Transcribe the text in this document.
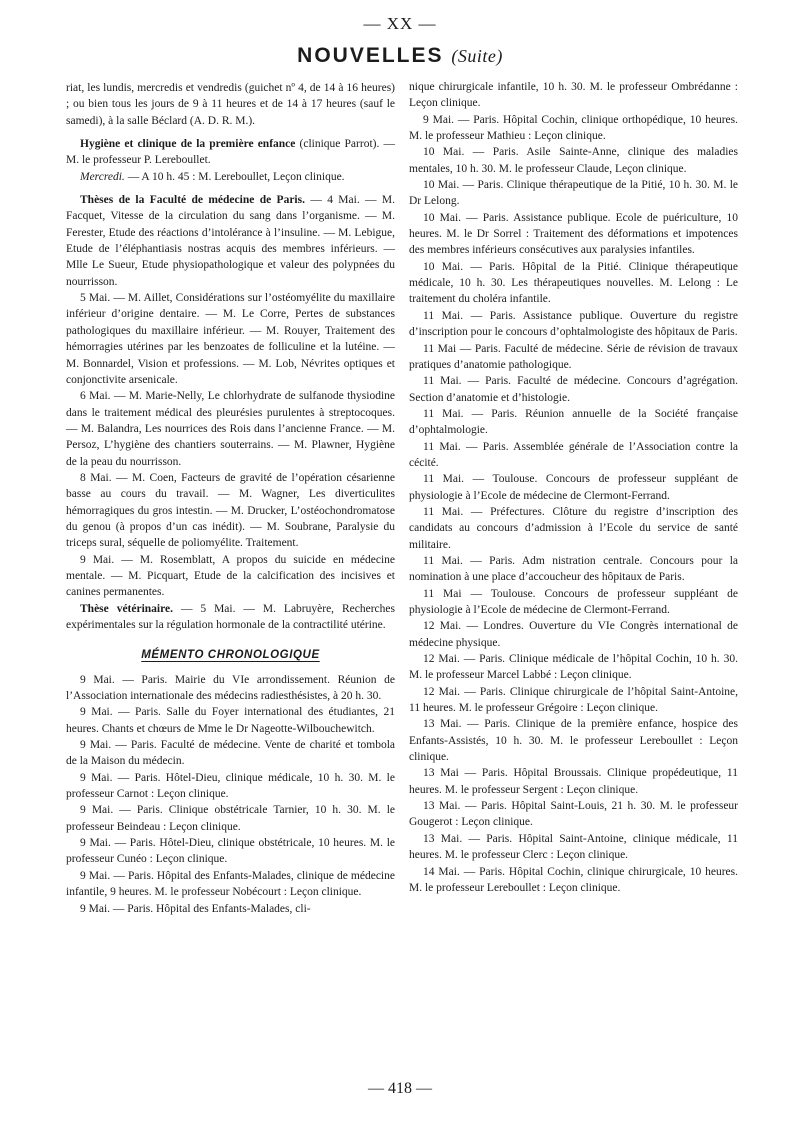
— XX —
NOUVELLES (Suite)

riat, les lundis, mercredis et vendredis (guichet nº 4, de 14 à 16 heures) ; ou bien tous les jours de 9 à 11 heures et de 14 à 17 heures (sauf le samedi), à la salle Béclard (A. D. R. M.).

Hygiène et clinique de la première enfance (clinique Parrot). — M. le professeur P. Lereboullet.

Mercredi. — A 10 h. 45 : M. Lereboullet, Leçon clinique.

Thèses de la Faculté de médecine de Paris. — 4 Mai. — M. Facquet, Vitesse de la circulation du sang dans l’organisme. — M. Ferester, Etude des réactions d’intolérance à l’insuline. — M. Lebigue, Etude de l’éléphantiasis nostras acquis des membres inférieurs. — Mlle Le Sueur, Etude physiopathologique et valeur des polypnées du nourrisson.

5 Mai. — M. Aillet, Considérations sur l’ostéomyélite du maxillaire inférieur d’origine dentaire. — M. Le Corre, Pertes de substances pathologiques du maxillaire inférieur. — M. Rouyer, Traitement des hémorragies utérines par les benzoates de folliculine et la lutéine. — M. Bonnardel, Vision et professions. — M. Lob, Névrites optiques et conjonctivite arsenicale.

6 Mai. — M. Marie-Nelly, Le chlorhydrate de sulfanode thysiodine dans le traitement médical des pleurésies purulentes à streptocoques. — M. Balandra, Les nourrices des Rois dans l’ancienne France. — M. Persoz, L’hygiène des chantiers souterrains. — M. Plawner, Hygiène de la peau du nourrisson.

8 Mai. — M. Coen, Facteurs de gravité de l’opération césarienne basse au cours du travail. — M. Wagner, Les diverticulites hémorragiques du gros intestin. — M. Drucker, L’ostéochondromatose du genou (à propos d’un cas inédit). — M. Soubrane, Paralysie du triceps sural, séquelle de poliomyélite. Traitement.

9 Mai. — M. Rosemblatt, A propos du suicide en médecine mentale. — M. Picquart, Etude de la calcification des incisives et canines permanentes.

Thèse vétérinaire. — 5 Mai. — M. Labruyère, Recherches expérimentales sur la régulation hormonale de la contractilité utérine.

MÉMENTO CHRONOLOGIQUE

9 Mai. — Paris. Mairie du VIe arrondissement. Réunion de l’Association internationale des médecins radiesthésistes, à 20 h. 30.

9 Mai. — Paris. Salle du Foyer international des étudiantes, 21 heures. Chants et chœurs de Mme le Dr Nageotte-Wilbouchewitch.

9 Mai. — Paris. Faculté de médecine. Vente de charité et tombola de la Maison du médecin.

9 Mai. — Paris. Hôtel-Dieu, clinique médicale, 10 h. 30. M. le professeur Carnot : Leçon clinique.

9 Mai. — Paris. Clinique obstétricale Tarnier, 10 h. 30. M. le professeur Beindeau : Leçon clinique.

9 Mai. — Paris. Hôtel-Dieu, clinique obstétricale, 10 heures. M. le professeur Cunéo : Leçon clinique.

9 Mai. — Paris. Hôpital des Enfants-Malades, clinique de médecine infantile, 9 heures. M. le professeur Nobécourt : Leçon clinique.

9 Mai. — Paris. Hôpital des Enfants-Malades, cli-

nique chirurgicale infantile, 10 h. 30. M. le professeur Ombrédanne : Leçon clinique.

9 Mai. — Paris. Hôpital Cochin, clinique orthopédique, 10 heures. M. le professeur Mathieu : Leçon clinique.

10 Mai. — Paris. Asile Sainte-Anne, clinique des maladies mentales, 10 h. 30. M. le professeur Claude, Leçon clinique.

10 Mai. — Paris. Clinique thérapeutique de la Pitié, 10 h. 30. M. le Dr Lelong.

10 Mai. — Paris. Assistance publique. Ecole de puériculture, 10 heures. M. le Dr Sorrel : Traitement des déformations et impotences des membres inférieurs consécutives aux paralysies infantiles.

10 Mai. — Paris. Hôpital de la Pitié. Clinique thérapeutique médicale, 10 h. 30. Les thérapeutiques nouvelles. M. Lelong : Le traitement du choléra infantile.

11 Mai. — Paris. Assistance publique. Ouverture du registre d’inscription pour le concours d’ophtalmologiste des hôpitaux de Paris.

11 Mai — Paris. Faculté de médecine. Série de révision de travaux pratiques d’anatomie pathologique.

11 Mai. — Paris. Faculté de médecine. Concours d’agrégation. Section d’anatomie et d’histologie.

11 Mai. — Paris. Réunion annuelle de la Société française d’ophtalmologie.

11 Mai. — Paris. Assemblée générale de l’Association contre la cécité.

11 Mai. — Toulouse. Concours de professeur suppléant de physiologie à l’Ecole de médecine de Clermont-Ferrand.

11 Mai. — Préfectures. Clôture du registre d’inscription des candidats au concours d’admission à l’Ecole du service de santé militaire.

11 Mai. — Paris. Adm nistration centrale. Concours pour la nomination à une place d’accoucheur des hôpitaux de Paris.

11 Mai — Toulouse. Concours de professeur suppléant de physiologie à l’Ecole de médecine de Clermont-Ferrand.

12 Mai. — Londres. Ouverture du VIe Congrès international de médecine physique.

12 Mai. — Paris. Clinique médicale de l’hôpital Cochin, 10 h. 30. M. le professeur Marcel Labbé : Leçon clinique.

12 Mai. — Paris. Clinique chirurgicale de l’hôpital Saint-Antoine, 11 heures. M. le professeur Grégoire : Leçon clinique.

13 Mai. — Paris. Clinique de la première enfance, hospice des Enfants-Assistés, 10 h. 30. M. le professeur Lereboullet : Leçon clinique.

13 Mai — Paris. Hôpital Broussais. Clinique propédeutique, 11 heures. M. le professeur Sergent : Leçon clinique.

13 Mai. — Paris. Hôpital Saint-Louis, 21 h. 30. M. le professeur Gougerot : Leçon clinique.

13 Mai. — Paris. Hôpital Saint-Antoine, clinique médicale, 11 heures. M. le professeur Clerc : Leçon clinique.

14 Mai. — Paris. Hôpital Cochin, clinique chirurgicale, 10 heures. M. le professeur Lereboullet : Leçon clinique.

— 418 —
